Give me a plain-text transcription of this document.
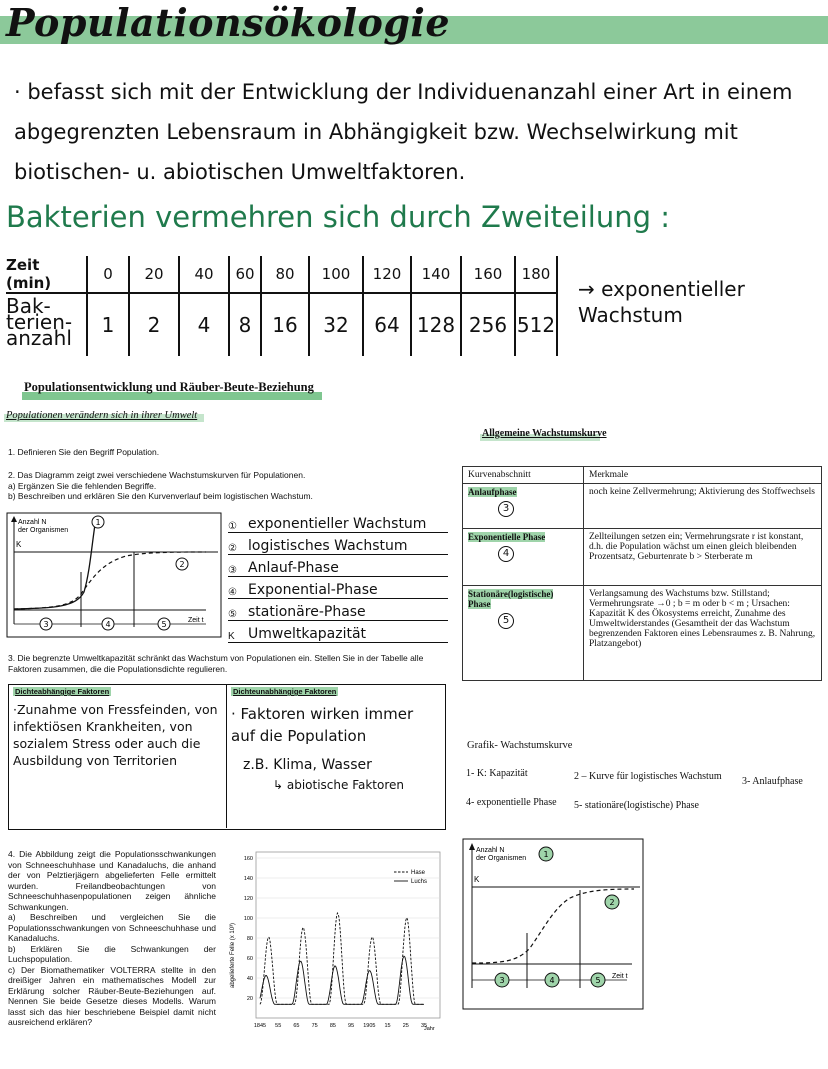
Populationsökologie
· befasst sich mit der Entwicklung der Individuenanzahl einer Art in einem abgegrenzten Lebensraum in Abhängigkeit bzw. Wechselwirkung mit biotischen- u. abiotischen Umweltfaktoren.
Bakterien vermehren sich durch Zweiteilung :
Zeit (min)	0	20	40	60	80	100	120	140	160	180
Bak- terien- anzahl	1	2	4	8	16	32	64	128	256	512
→ exponentieller Wachstum
Populationsentwicklung und Räuber-Beute-Beziehung
Populationen verändern sich in ihrer Umwelt
1. Definieren Sie den Begriff Population.
2. Das Diagramm zeigt zwei verschiedene Wachstumskurven für Populationen.
a) Ergänzen Sie die fehlenden Begriffe.
b) Beschreiben und erklären Sie den Kurvenverlauf beim logistischen Wachstum.
Anzahl N
der Organismen
K
1
2
3	4	5	Zeit t
① exponentieller Wachstum
② logistisches Wachstum
③ Anlauf-Phase
④ Exponential-Phase
⑤ stationäre-Phase
K Umweltkapazität
3. Die begrenzte Umweltkapazität schränkt das Wachstum von Populationen ein. Stellen Sie in der Tabelle alle Faktoren zusammen, die die Populationsdichte regulieren.
Dichteabhängige Faktoren	Dichteunabhängige Faktoren
·Zunahme von Fressfeinden, von
infektiösen Krankheiten, von
sozialem Stress oder auch die
Ausbildung von Territorien
· Faktoren wirken immer
auf die Population
z.B. Klima, Wasser
↳ abiotische Faktoren
4. Die Abbildung zeigt die Populationsschwankungen von Schneeschuhhase und Kanadaluchs, die anhand der von Pelztierjägern abgelieferten Felle ermittelt wurden. Freilandbeobachtungen von Schneeschuhhasenpopulationen zeigen ähnliche Schwankungen.
a) Beschreiben und vergleichen Sie die Populationsschwankungen von Schneeschuhhase und Kanadaluchs.
b) Erklären Sie die Schwankungen der Luchspopulation.
c) Der Biomathematiker VOLTERRA stellte in den dreißiger Jahren ein mathematisches Modell zur Erklärung solcher Räuber-Beute-Beziehungen auf. Nennen Sie beide Gesetze dieses Modells. Warum lasst sich das hier beschriebene Beispiel damit nicht ausreichend erklären?
20
40
60
80
100
120
140
160
1845 55 65 75 85 95 1905 15 25 35
abgelieferte Felle (x 10³)
Jahr
Hase
Luchs
Allgemeine Wachstumskurve
Kurvenabschnitt	Merkmale
Anlaufphase
3	noch keine Zellvermehrung; Aktivierung des Stoffwechsels
Exponentielle Phase
4	Zellteilungen setzen ein; Vermehrungsrate r ist konstant, d.h. die Population wächst um einen gleich bleibenden Prozentsatz, Geburtenrate b > Sterberate m
Stationäre(logistische) Phase
5	Verlangsamung des Wachstums bzw. Stillstand; Vermehrungsrate →0 ; b = m oder b < m ; Ursachen: Kapazität K des Ökosystems erreicht, Zunahme des Umweltwiderstandes (Gesamtheit der das Wachstum begrenzenden Faktoren eines Lebensraumes z. B. Nahrung, Platzangebot)
Grafik- Wachstumskurve
1- K: Kapazität	2 – Kurve für logistisches Wachstum 3- Anlaufphase
4- exponentielle Phase 5- stationäre(logistische) Phase
Anzahl N
der Organismen
K
1
2
3	4	5 Zeit t
